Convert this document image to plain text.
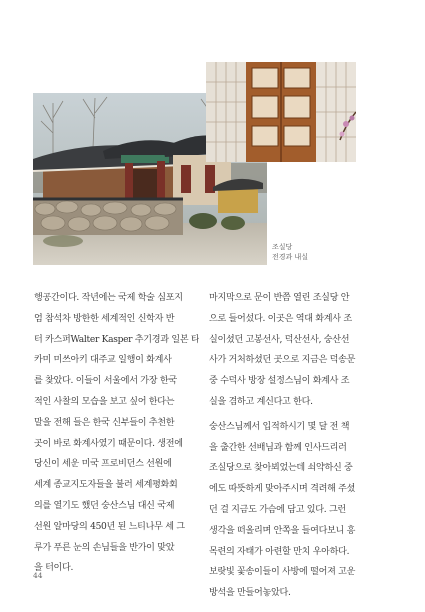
조실당
전경과 내실
행공간이다. 작년에는 국제 학술 심포지
엄 참석차 방한한 세계적인 신학자 반
터 카스퍼Walter Kasper 추기경과 일본 타
카미 미쓰아키 대주교 일행이 화계사
를 찾았다. 이들이 서울에서 가장 한국
적인 사찰의 모습을 보고 싶어 한다는
말을 전해 들은 한국 신부들이 추천한
곳이 바로 화계사였기 때문이다. 생전에
당신이 세운 미국 프로비던스 선원에
세계 종교지도자들을 불러 세계평화회
의를 열기도 했던 숭산스님 대신 국제
선원 알마당의 450년 된 느티나무 세 그
루가 푸른 눈의 손님들을 반가이 맞았
을 터이다.
마지막으로 문이 반쯤 열린 조실당 안
으로 들어섰다. 이곳은 역대 화계사 조
실이셨던 고봉선사, 덕산선사, 숭산선
사가 거처하셨던 곳으로 지금은 덕송문
중 수덕사 방장 설정스님이 화계사 조
실을 겸하고 계신다고 한다.
숭산스님께서 입적하시기 몇 달 전 책
을 출간한 선배님과 함께 인사드리러
조실당으로 찾아뵈었는데 쇠약하신 중
에도 따뜻하게 맞아주시며 격려해 주셨
던 걸 지금도 가슴에 담고 있다. 그런
생각을 떠올리며 안쪽을 들여다보니 흥
목련의 자태가 아련할 만치 우아하다.
보랏빛 꽃송이들이 사방에 떨어져 고운
방석을 만들어놓았다.
44
